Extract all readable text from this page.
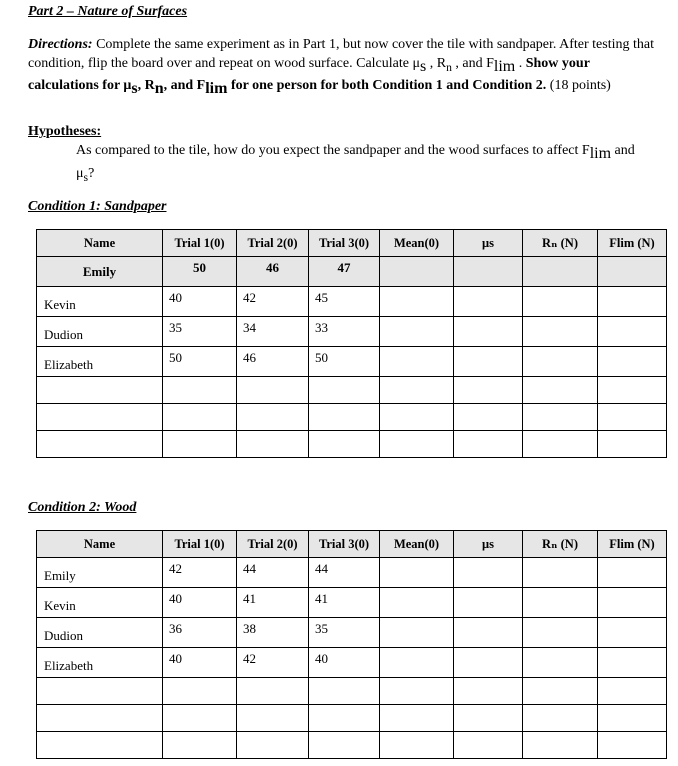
Part 2 – Nature of Surfaces
Directions: Complete the same experiment as in Part 1, but now cover the tile with sandpaper. After testing that condition, flip the board over and repeat on wood surface. Calculate $\mu_s$ , $R_n$ , and $F_{lim}$ . Show your calculations for $\mu_s$, $R_n$, and $F_{lim}$ for one person for both Condition 1 and Condition 2. (18 points)
Hypotheses:
As compared to the tile, how do you expect the sandpaper and the wood surfaces to affect $F_{lim}$ and $\mu_s$?
Condition 1: Sandpaper
Name	Trial 1(0)	Trial 2(0)	Trial 3(0)	Mean(0)	μs	Rₙ (N)	Flim (N)
Emily	50	46	47				

Kevin	40	42	45				

Dudion	35	34	33				

Elizabeth	50	46	50				

Condition 2: Wood
Name	Trial 1(0)	Trial 2(0)	Trial 3(0)	Mean(0)	μs	Rₙ (N)	Flim (N)

Emily	42	44	44				

Kevin	40	41	41				

Dudion	36	38	35				

Elizabeth	40	42	40				
